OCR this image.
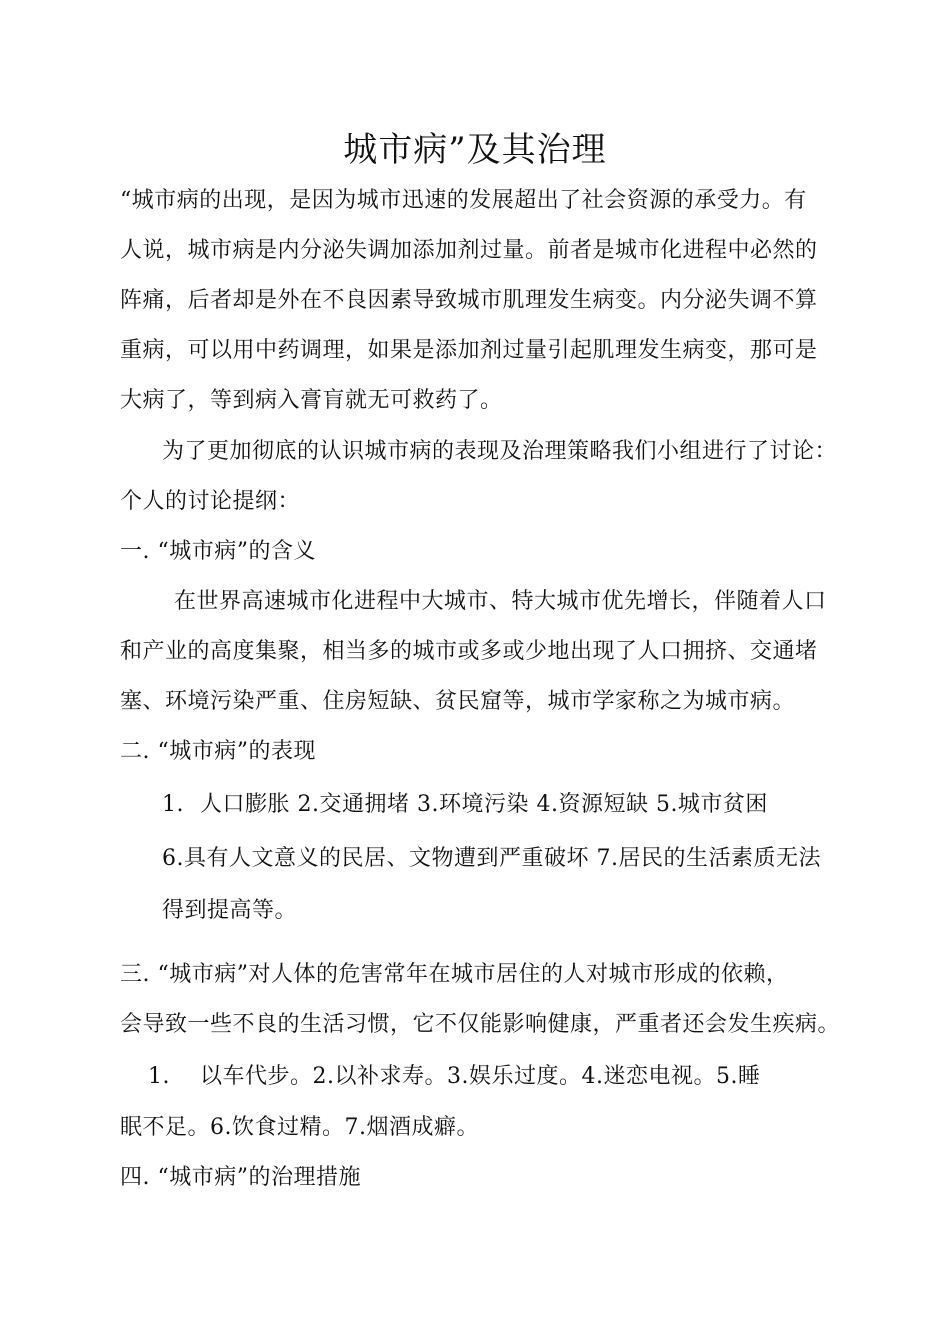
城市病”及其治理
“城市病的出现，是因为城市迅速的发展超出了社会资源的承受力。有
人说，城市病是内分泌失调加添加剂过量。前者是城市化进程中必然的
阵痛，后者却是外在不良因素导致城市肌理发生病变。内分泌失调不算
重病，可以用中药调理，如果是添加剂过量引起肌理发生病变，那可是
大病了，等到病入膏肓就无可救药了。
为了更加彻底的认识城市病的表现及治理策略我们小组进行了讨论：
个人的讨论提纲：
一. “城市病”的含义
在世界高速城市化进程中大城市、特大城市优先增长，伴随着人口
和产业的高度集聚，相当多的城市或多或少地出现了人口拥挤、交通堵
塞、环境污染严重、住房短缺、贫民窟等，城市学家称之为城市病。
二. “城市病”的表现
1. 人口膨胀 2.交通拥堵 3.环境污染 4.资源短缺 5.城市贫困
6.具有人文意义的民居、文物遭到严重破坏 7.居民的生活素质无法
得到提高等。
三. “城市病”对人体的危害常年在城市居住的人对城市形成的依赖，
会导致一些不良的生活习惯，它不仅能影响健康，严重者还会发生疾病。
1. 以车代步。2.以补求寿。3.娱乐过度。4.迷恋电视。5.睡
眠不足。6.饮食过精。7.烟酒成癖。
四. “城市病”的治理措施
